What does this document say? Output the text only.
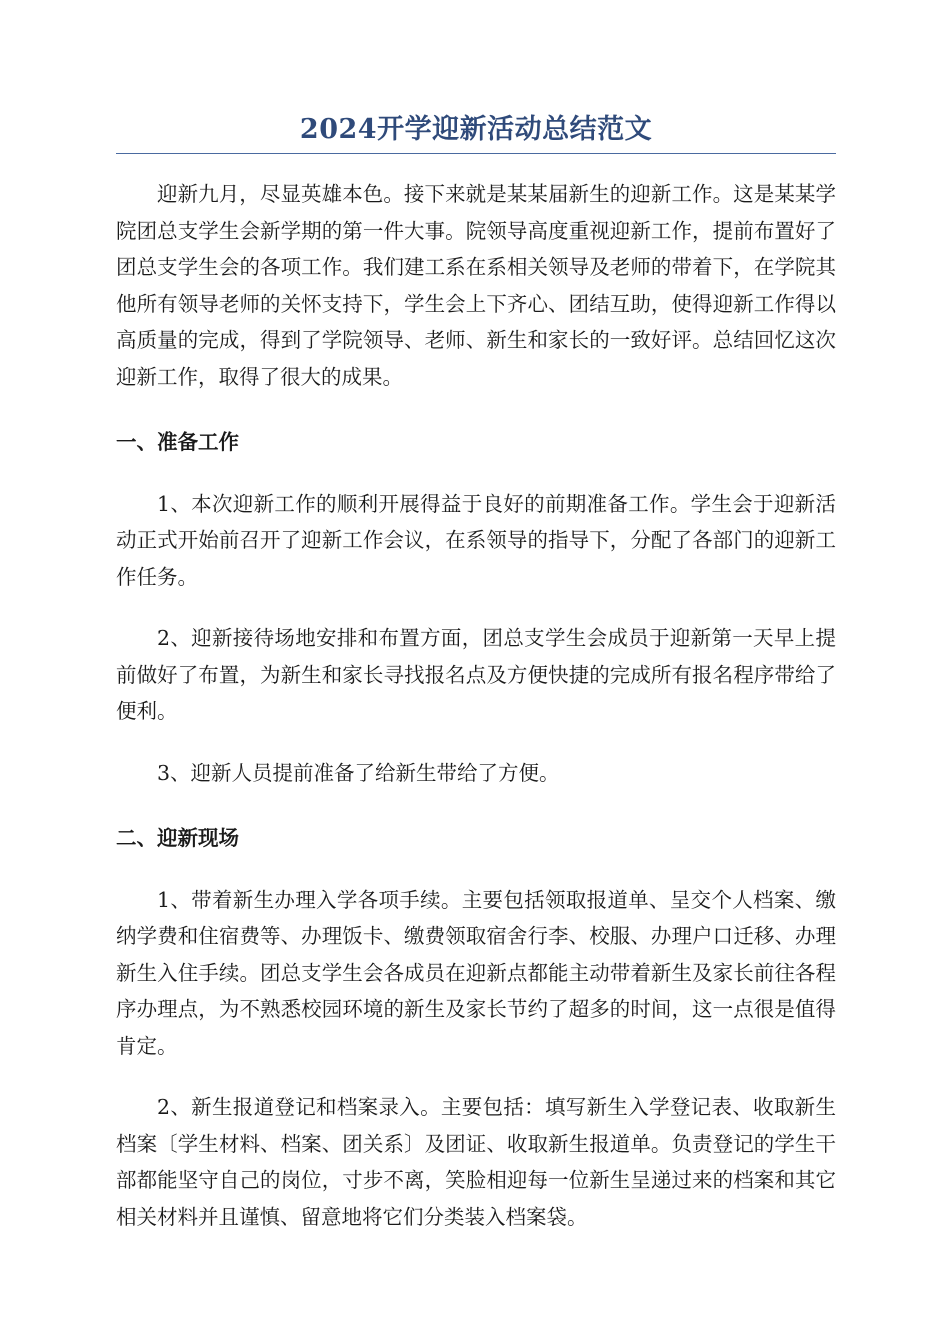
2024开学迎新活动总结范文

迎新九月，尽显英雄本色。接下来就是某某届新生的迎新工作。这是某某学院团总支学生会新学期的第一件大事。院领导高度重视迎新工作，提前布置好了团总支学生会的各项工作。我们建工系在系相关领导及老师的带着下，在学院其他所有领导老师的关怀支持下，学生会上下齐心、团结互助，使得迎新工作得以高质量的完成，得到了学院领导、老师、新生和家长的一致好评。总结回忆这次迎新工作，取得了很大的成果。

一、准备工作

1、本次迎新工作的顺利开展得益于良好的前期准备工作。学生会于迎新活动正式开始前召开了迎新工作会议，在系领导的指导下，分配了各部门的迎新工作任务。

2、迎新接待场地安排和布置方面，团总支学生会成员于迎新第一天早上提前做好了布置，为新生和家长寻找报名点及方便快捷的完成所有报名程序带给了便利。

3、迎新人员提前准备了给新生带给了方便。

二、迎新现场

1、带着新生办理入学各项手续。主要包括领取报道单、呈交个人档案、缴纳学费和住宿费等、办理饭卡、缴费领取宿舍行李、校服、办理户口迁移、办理新生入住手续。团总支学生会各成员在迎新点都能主动带着新生及家长前往各程序办理点，为不熟悉校园环境的新生及家长节约了超多的时间，这一点很是值得肯定。

2、新生报道登记和档案录入。主要包括：填写新生入学登记表、收取新生档案〔学生材料、档案、团关系〕及团证、收取新生报道单。负责登记的学生干部都能坚守自己的岗位，寸步不离，笑脸相迎每一位新生呈递过来的档案和其它相关材料并且谨慎、留意地将它们分类装入档案袋。
